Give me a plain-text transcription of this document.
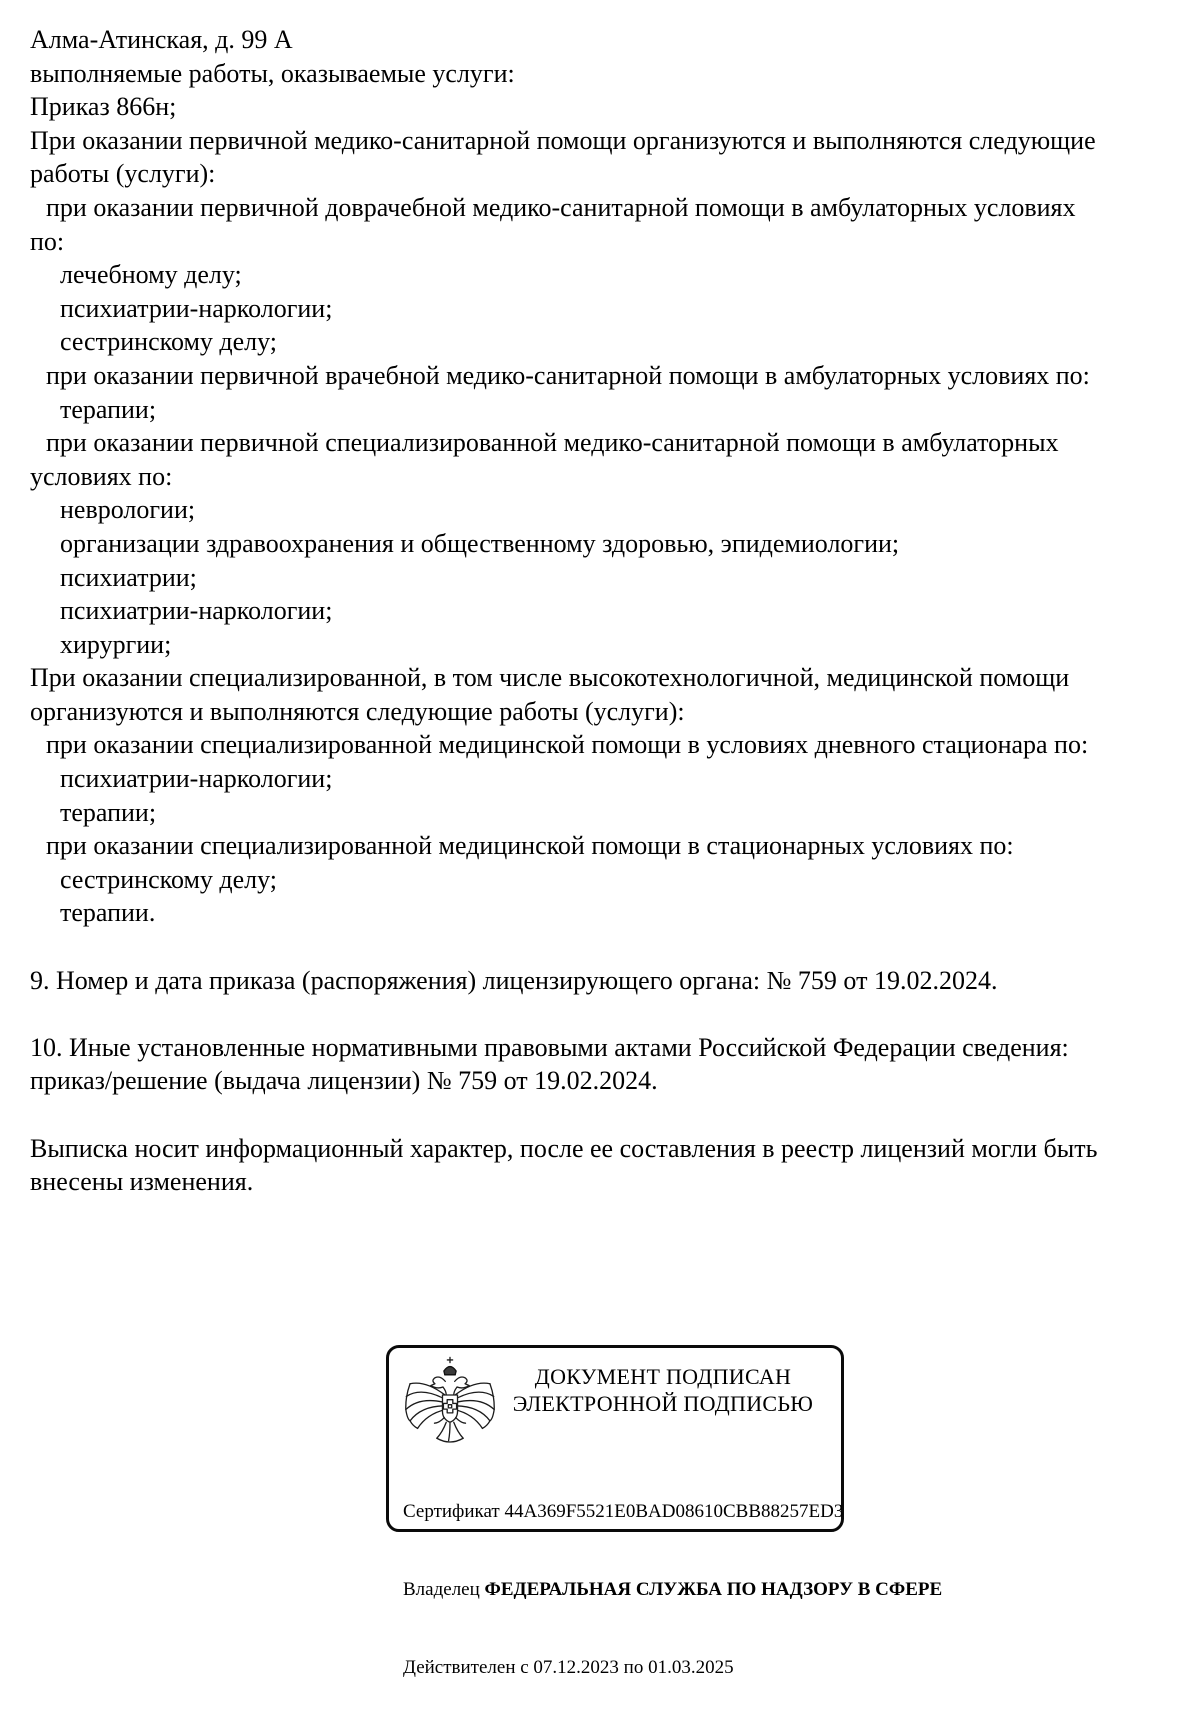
Алма-Атинская, д. 99 А
выполняемые работы, оказываемые услуги:
Приказ 866н;
При оказании первичной медико-санитарной помощи организуются и выполняются следующие
работы (услуги):
при оказании первичной доврачебной медико-санитарной помощи в амбулаторных условиях
по:
лечебному делу;
психиатрии-наркологии;
сестринскому делу;
при оказании первичной врачебной медико-санитарной помощи в амбулаторных условиях по:
терапии;
при оказании первичной специализированной медико-санитарной помощи в амбулаторных
условиях по:
неврологии;
организации здравоохранения и общественному здоровью, эпидемиологии;
психиатрии;
психиатрии-наркологии;
хирургии;
При оказании специализированной, в том числе высокотехнологичной, медицинской помощи
организуются и выполняются следующие работы (услуги):
при оказании специализированной медицинской помощи в условиях дневного стационара по:
психиатрии-наркологии;
терапии;
при оказании специализированной медицинской помощи в стационарных условиях по:
сестринскому делу;
терапии.

9. Номер и дата приказа (распоряжения) лицензирующего органа: № 759 от 19.02.2024.

10. Иные установленные нормативными правовыми актами Российской Федерации сведения:
приказ/решение (выдача лицензии) № 759 от 19.02.2024.

Выписка носит информационный характер, после ее составления в реестр лицензий могли быть
внесены изменения.
ДОКУМЕНТ ПОДПИСАН
ЭЛЕКТРОННОЙ ПОДПИСЬЮ

Сертификат 44A369F5521E0BAD08610CBB88257ED3

Владелец ФЕДЕРАЛЬНАЯ СЛУЖБА ПО НАДЗОРУ В СФЕРЕ

Действителен с 07.12.2023 по 01.03.2025
